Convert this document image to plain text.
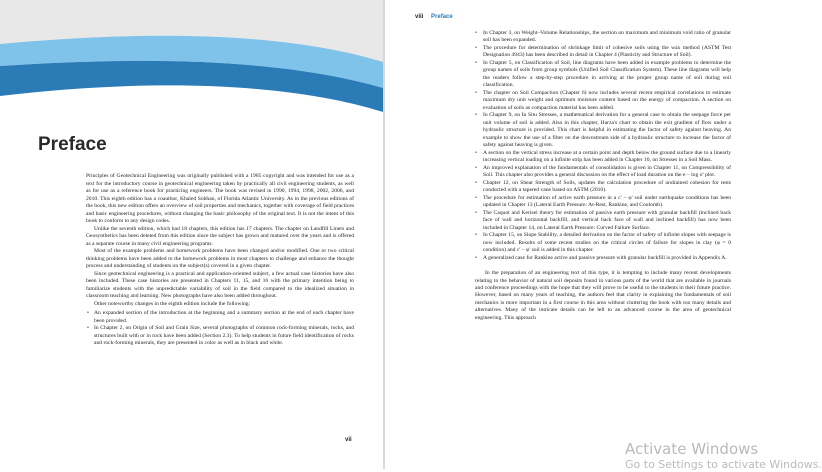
Preface

Principles of Geotechnical Engineering was originally published with a 1985 copyright and was intended for use as a text for the introductory course in geotechnical engineering taken by practically all civil engineering students, as well as for use as a reference book for practicing engineers. The book was revised in 1990, 1994, 1998, 2002, 2006, and 2010. This eighth edition has a coauthor, Khaled Sobhan, of Florida Atlantic University. As in the previous editions of the book, this new edition offers an overview of soil properties and mechanics, together with coverage of field practices and basic engineering procedures, without changing the basic philosophy of the original text. It is not the intent of this book to conform to any design codes.

Unlike the seventh edition, which had 18 chapters, this edition has 17 chapters. The chapter on Landfill Liners and Geosynthetics has been deleted from this edition since the subject has grown and matured over the years and is offered as a separate course in many civil engineering programs.

Most of the example problems and homework problems have been changed and/or modified. One or two critical thinking problems have been added to the homework problems in most chapters to challenge and enhance the thought process and understanding of students on the subject(s) covered in a given chapter.

Since geotechnical engineering is a practical and application-oriented subject, a few actual case histories have also been included. These case histories are presented in Chapters 11, 15, and 16 with the primary intention being to familiarize students with the unpredictable variability of soil in the field compared to the idealized situation in classroom teaching and learning. New photographs have also been added throughout.

Other noteworthy changes in the eighth edition include the following:

• An expanded section of the introduction at the beginning and a summary section at the end of each chapter have been provided.
• In Chapter 2, on Origin of Soil and Grain Size, several photographs of common rock-forming minerals, rocks, and structures built with or in rock have been added (Section 2.3). To help students in future field identification of rocks and rock-forming minerals, they are presented in color as well as in black and white.
vii
viii Preface
• In Chapter 3, on Weight–Volume Relationships, the section on maximum and minimum void ratio of granular soil has been expanded.
• The procedure for determination of shrinkage limit of cohesive soils using the wax method (ASTM Test Designation 4943) has been described in detail in Chapter 4 (Plasticity and Structure of Soil).
• In Chapter 5, on Classification of Soil, line diagrams have been added in example problems to determine the group names of soils from group symbols (Unified Soil Classification System). These line diagrams will help the readers follow a step-by-step procedure in arriving at the proper group name of soil during soil classification.
• The chapter on Soil Compaction (Chapter 6) now includes several recent empirical correlations to estimate maximum dry unit weight and optimum moisture content based on the energy of compaction. A section on evaluation of soils as compaction material has been added.
• In Chapter 9, on In Situ Stresses, a mathematical derivation for a general case to obtain the seepage force per unit volume of soil is added. Also in this chapter, Harza's chart to obtain the exit gradient of flow under a hydraulic structure is provided. This chart is helpful in estimating the factor of safety against heaving. An example to show the use of a filter on the downstream side of a hydraulic structure to increase the factor of safety against heaving is given.
• A section on the vertical stress increase at a certain point and depth below the ground surface due to a linearly increasing vertical loading on a infinite strip has been added in Chapter 10, on Stresses in a Soil Mass.
• An improved explanation of the fundamentals of consolidation is given in Chapter 11, on Compressibility of Soil. This chapter also provides a general discussion on the effect of load duration on the e – log σ' plot.
• Chapter 12, on Shear Strength of Soils, updates the calculation procedure of undrained cohesion for tests conducted with a tapered vane based on ASTM (2010).
• The procedure for estimation of active earth pressure in a c' – φ' soil under earthquake conditions has been updated in Chapter 13 (Lateral Earth Pressure: At-Rest, Rankine, and Coulomb).
• The Caquot and Kerisel theory for estimation of passive earth pressure with granular backfill (inclined back face of wall and horizontal backfill, and vertical back face of wall and inclined backfill) has now been included in Chapter 14, on Lateral Earth Pressure: Curved Failure Surface.
• In Chapter 15, on Slope Stability, a detailed derivation on the factor of safety of infinite slopes with seepage is now included. Results of some recent studies on the critical circles of failure for slopes in clay (φ = 0 condition) and c' – φ' soil is added in this chapter.
• A generalized case for Rankine active and passive pressure with granular backfill is provided in Appendix A.

In the preparation of an engineering text of this type, it is tempting to include many recent developments relating to the behavior of natural soil deposits found in various parts of the world that are available in journals and conference proceedings with the hope that they will prove to be useful to the students in their future practice. However, based on many years of teaching, the authors feel that clarity in explaining the fundamentals of soil mechanics is more important in a first course in this area without cluttering the book with too many details and alternatives. Many of the intricate details can be left to an advanced course in the area of geotechnical engineering. This approach

Activate Windows
Go to Settings to activate Windows.
